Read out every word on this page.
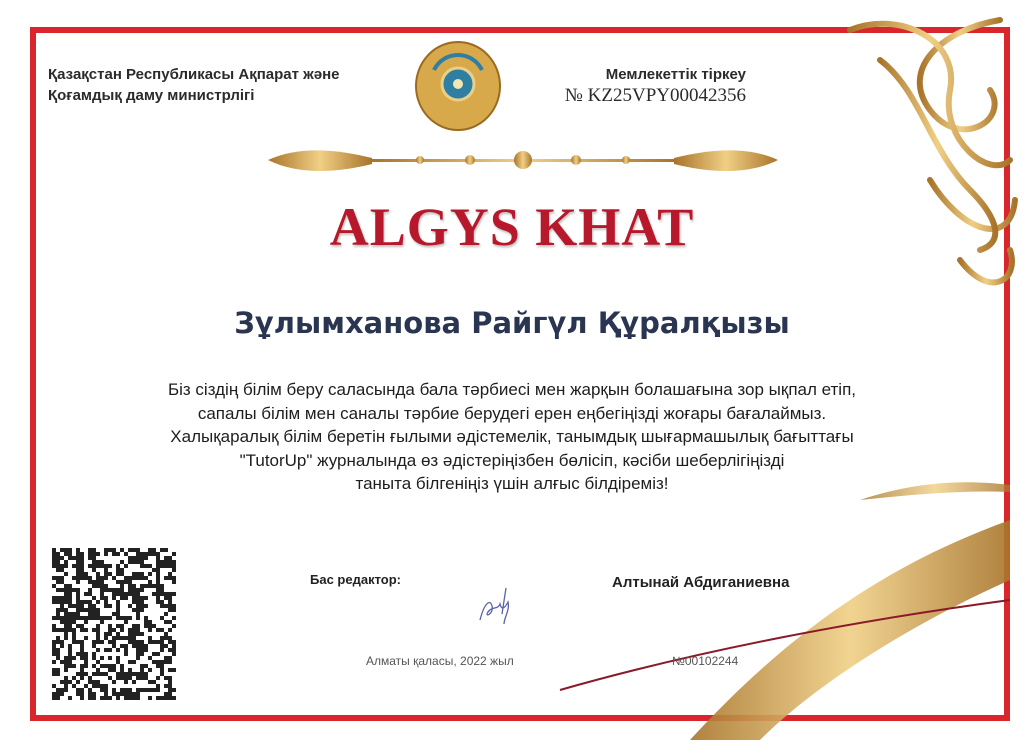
Қазақстан Республикасы Ақпарат және
Қоғамдық даму министрлігі
Мемлекеттік тіркеу
№ KZ25VPY00042356
ALGYS KHAT
Зұлымханова Райгүл Құралқызы
Біз сіздің білім беру саласында бала тәрбиесі мен жарқын болашағына зор ықпал етіп,
сапалы білім мен саналы тәрбие берудегі ерен еңбегіңізді жоғары бағалаймыз.
Халықаралық білім беретін ғылыми әдістемелік, танымдық шығармашылық бағыттағы
"TutorUp" журналында өз әдістеріңізбен бөлісіп, кәсіби шеберлігіңізді
таныта білгеніңіз үшін алғыс білдіреміз!
Бас редактор:	Алтынай Абдиганиевна
Алматы қаласы, 2022 жыл	№00102244
